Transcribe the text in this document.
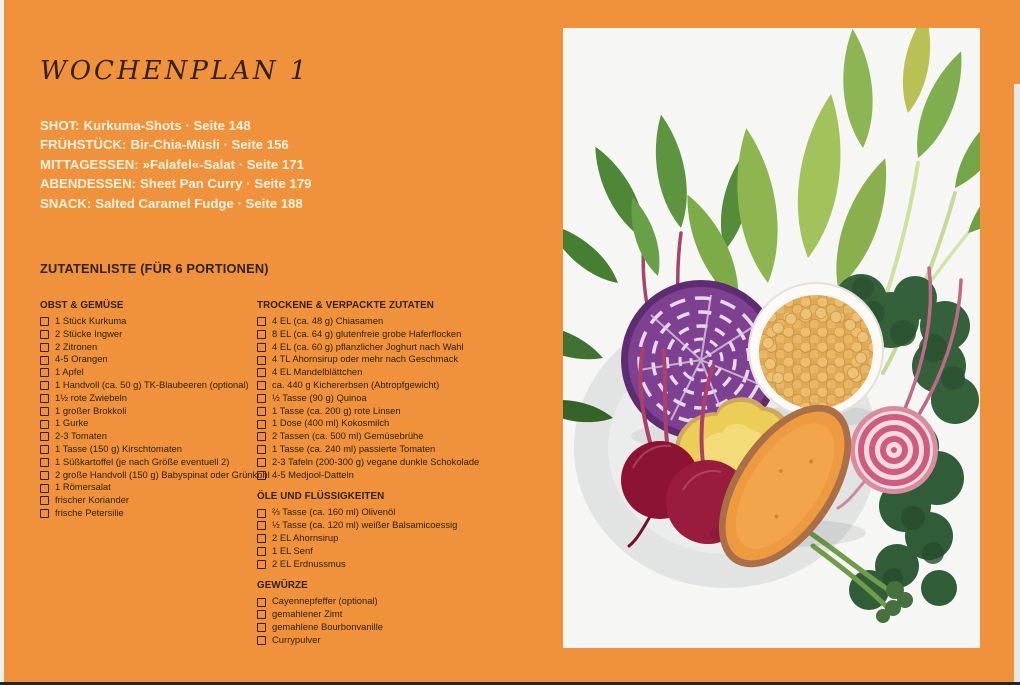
WOCHENPLAN 1
SHOT: Kurkuma-Shots · Seite 148
FRÜHSTÜCK: Bir-Chia-Müsli · Seite 156
MITTAGESSEN: »Falafel«-Salat · Seite 171
ABENDESSEN: Sheet Pan Curry · Seite 179
SNACK: Salted Caramel Fudge · Seite 188
ZUTATENLISTE (FÜR 6 PORTIONEN)
OBST & GEMÜSE
1 Stück Kurkuma
2 Stücke Ingwer
2 Zitronen
4-5 Orangen
1 Apfel
1 Handvoll (ca. 50 g) TK-Blaubeeren (optional)
1½ rote Zwiebeln
1 großer Brokkoli
1 Gurke
2-3 Tomaten
1 Tasse (150 g) Kirschtomaten
1 Süßkartoffel (je nach Größe eventuell 2)
2 große Handvoll (150 g) Babyspinat oder Grünkohl
1 Römersalat
frischer Koriander
frische Petersilie
TROCKENE & VERPACKTE ZUTATEN
4 EL (ca. 48 g) Chiasamen
8 EL (ca. 64 g) glutenfreie grobe Haferflocken
4 EL (ca. 60 g) pflanzlicher Joghurt nach Wahl
4 TL Ahornsirup oder mehr nach Geschmack
4 EL Mandelblättchen
ca. 440 g Kichererbsen (Abtropfgewicht)
½ Tasse (90 g) Quinoa
1 Tasse (ca. 200 g) rote Linsen
1 Dose (400 ml) Kokosmilch
2 Tassen (ca. 500 ml) Gemüsebrühe
1 Tasse (ca. 240 ml) passierte Tomaten
2-3 Tafeln (200-300 g) vegane dunkle Schokolade
4-5 Medjool-Datteln
ÖLE UND FLÜSSIGKEITEN
⅔ Tasse (ca. 160 ml) Olivenöl
½ Tasse (ca. 120 ml) weißer Balsamicoessig
2 EL Ahornsirup
1 EL Senf
2 EL Erdnussmus
GEWÜRZE
Cayennepfeffer (optional)
gemahlener Zimt
gemahlene Bourbonvanille
Currypulver
